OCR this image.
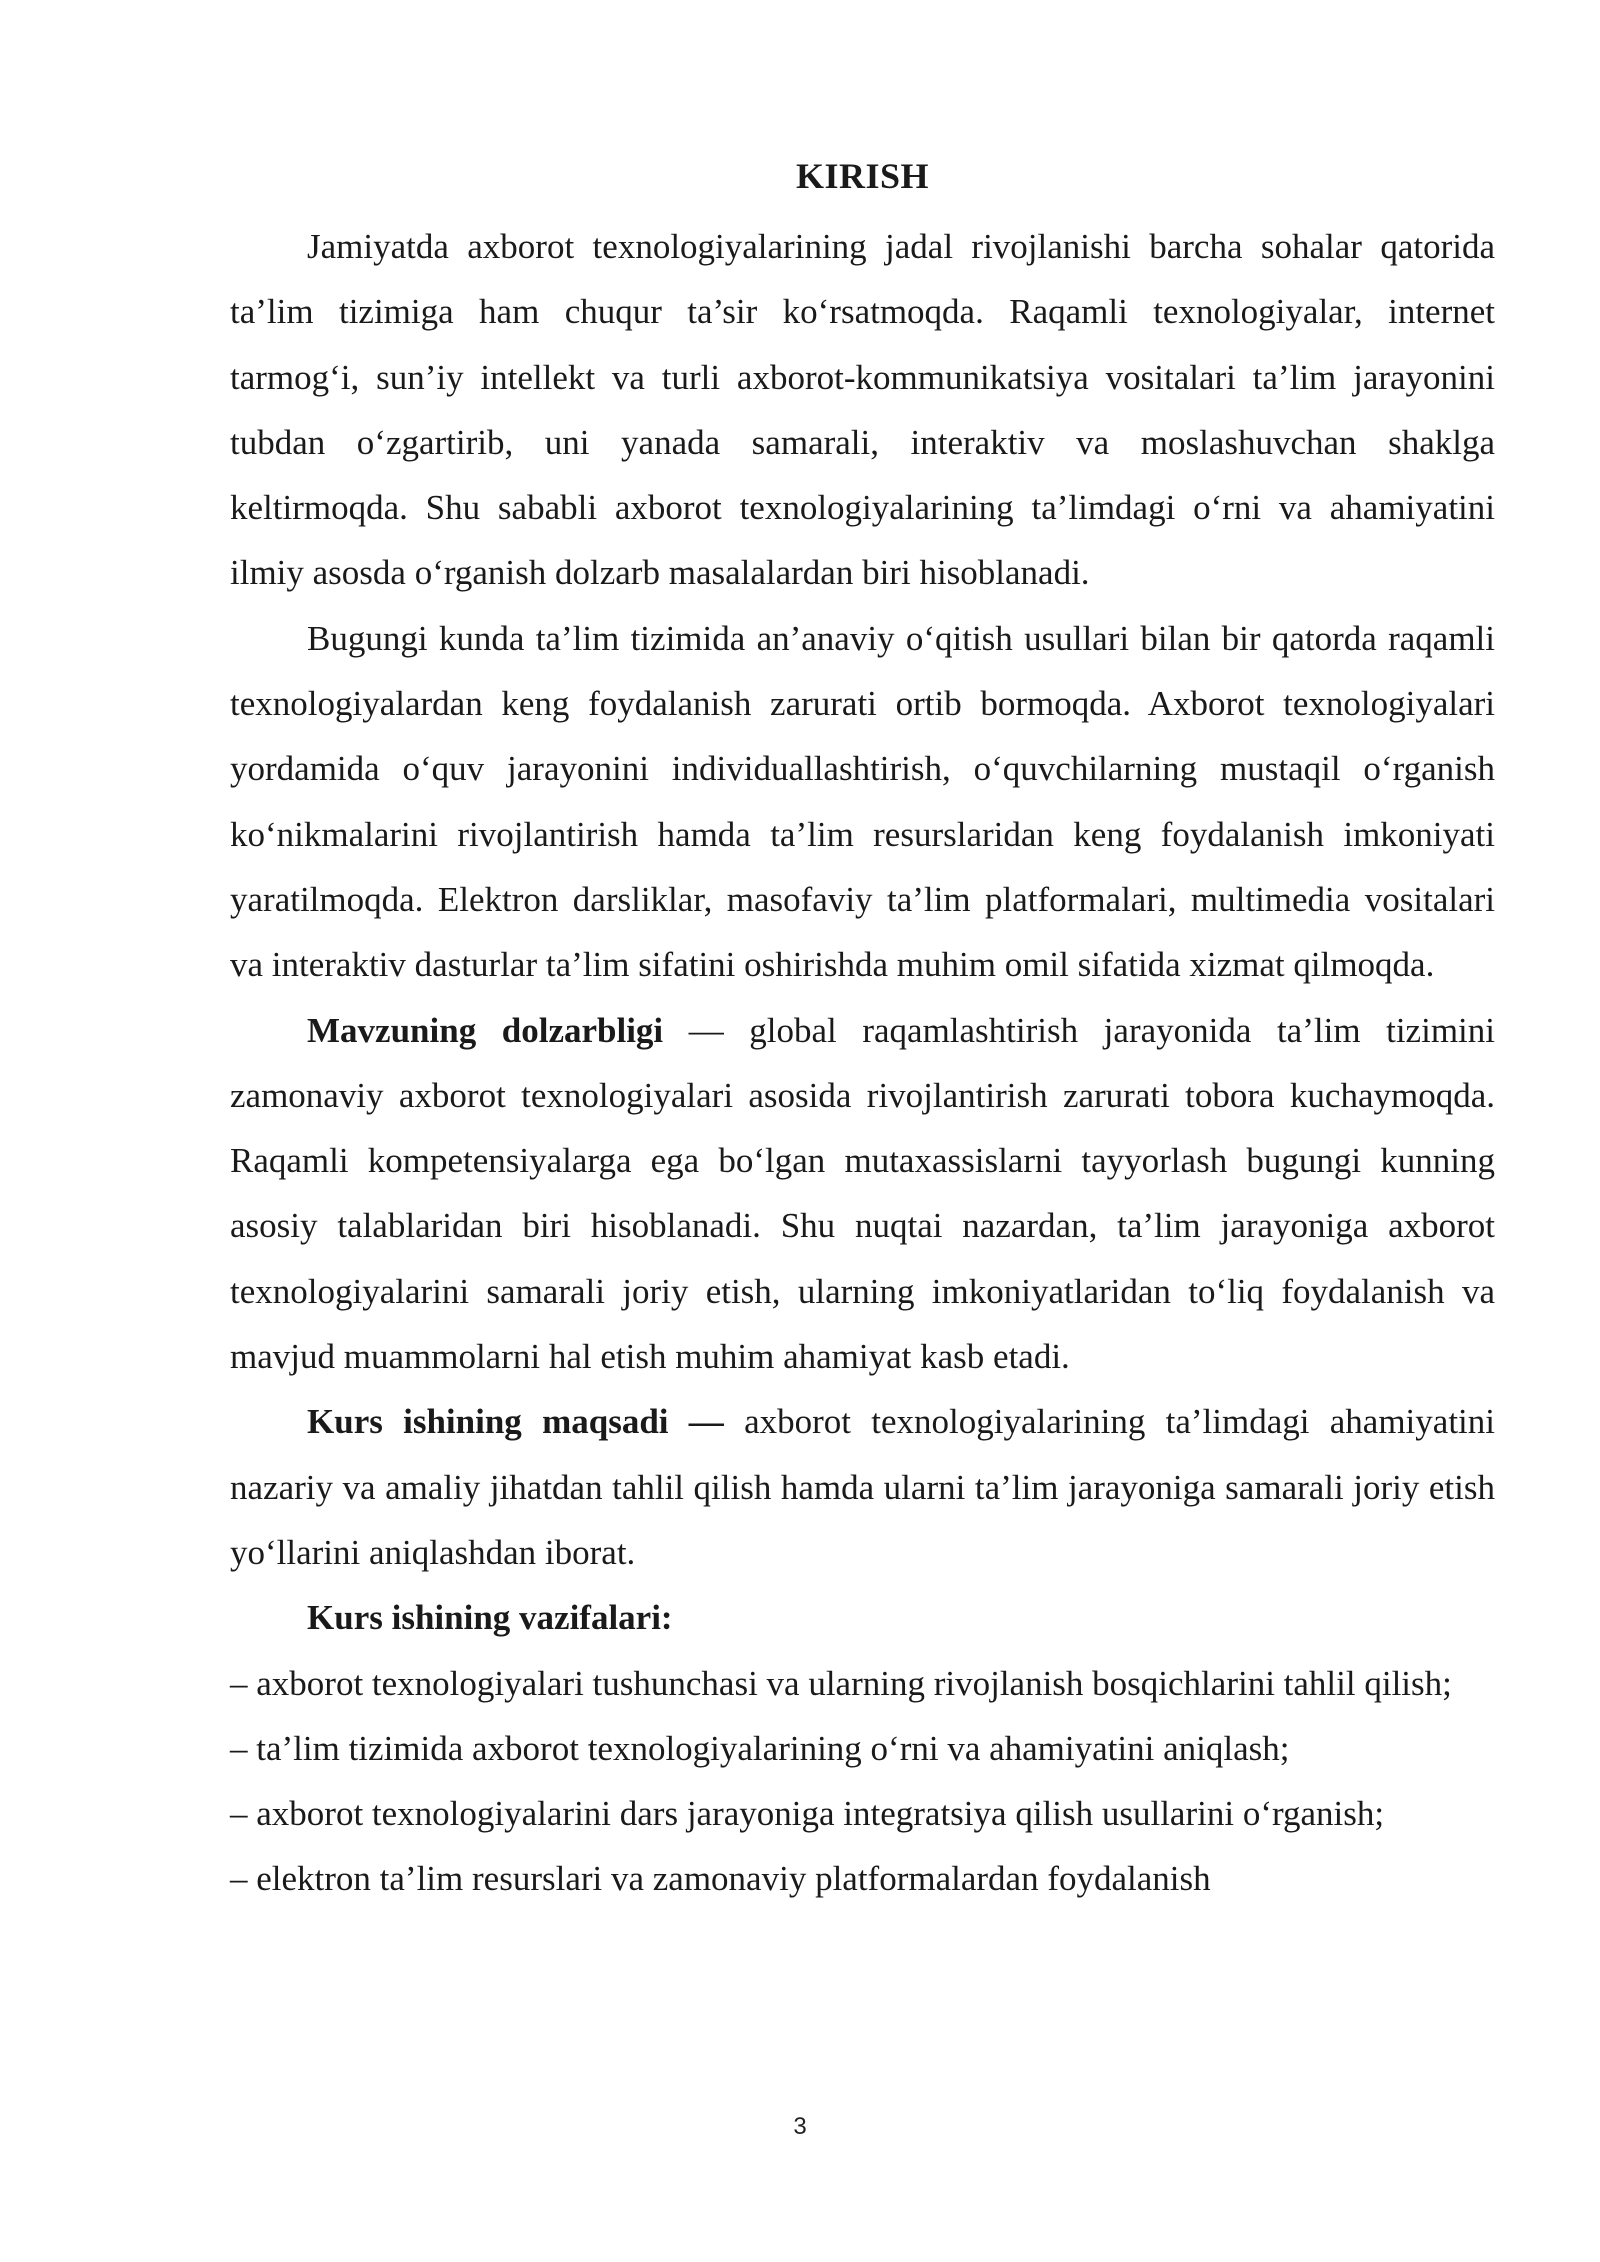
KIRISH

Jamiyatda axborot texnologiyalarining jadal rivojlanishi barcha sohalar qatorida ta’lim tizimiga ham chuqur ta’sir ko‘rsatmoqda. Raqamli texnologiyalar, internet tarmog‘i, sun’iy intellekt va turli axborot-kommunikatsiya vositalari ta’lim jarayonini tubdan o‘zgartirib, uni yanada samarali, interaktiv va moslashuvchan shaklga keltirmoqda. Shu sababli axborot texnologiyalarining ta’limdagi o‘rni va ahamiyatini ilmiy asosda o‘rganish dolzarb masalalardan biri hisoblanadi.

Bugungi kunda ta’lim tizimida an’anaviy o‘qitish usullari bilan bir qatorda raqamli texnologiyalardan keng foydalanish zarurati ortib bormoqda. Axborot texnologiyalari yordamida o‘quv jarayonini individuallashtirish, o‘quvchilarning mustaqil o‘rganish ko‘nikmalarini rivojlantirish hamda ta’lim resurslaridan keng foydalanish imkoniyati yaratilmoqda. Elektron darsliklar, masofaviy ta’lim platformalari, multimedia vositalari va interaktiv dasturlar ta’lim sifatini oshirishda muhim omil sifatida xizmat qilmoqda.

Mavzuning dolzarbligi — global raqamlashtirish jarayonida ta’lim tizimini zamonaviy axborot texnologiyalari asosida rivojlantirish zarurati tobora kuchaymoqda. Raqamli kompetensiyalarga ega bo‘lgan mutaxassislarni tayyorlash bugungi kunning asosiy talablaridan biri hisoblanadi. Shu nuqtai nazardan, ta’lim jarayoniga axborot texnologiyalarini samarali joriy etish, ularning imkoniyatlaridan to‘liq foydalanish va mavjud muammolarni hal etish muhim ahamiyat kasb etadi.

Kurs ishining maqsadi — axborot texnologiyalarining ta’limdagi ahamiyatini nazariy va amaliy jihatdan tahlil qilish hamda ularni ta’lim jarayoniga samarali joriy etish yo‘llarini aniqlashdan iborat.

Kurs ishining vazifalari:

– axborot texnologiyalari tushunchasi va ularning rivojlanish bosqichlarini tahlil qilish;

– ta’lim tizimida axborot texnologiyalarining o‘rni va ahamiyatini aniqlash;

– axborot texnologiyalarini dars jarayoniga integratsiya qilish usullarini o‘rganish;

– elektron ta’lim resurslari va zamonaviy platformalardan foydalanish

3
